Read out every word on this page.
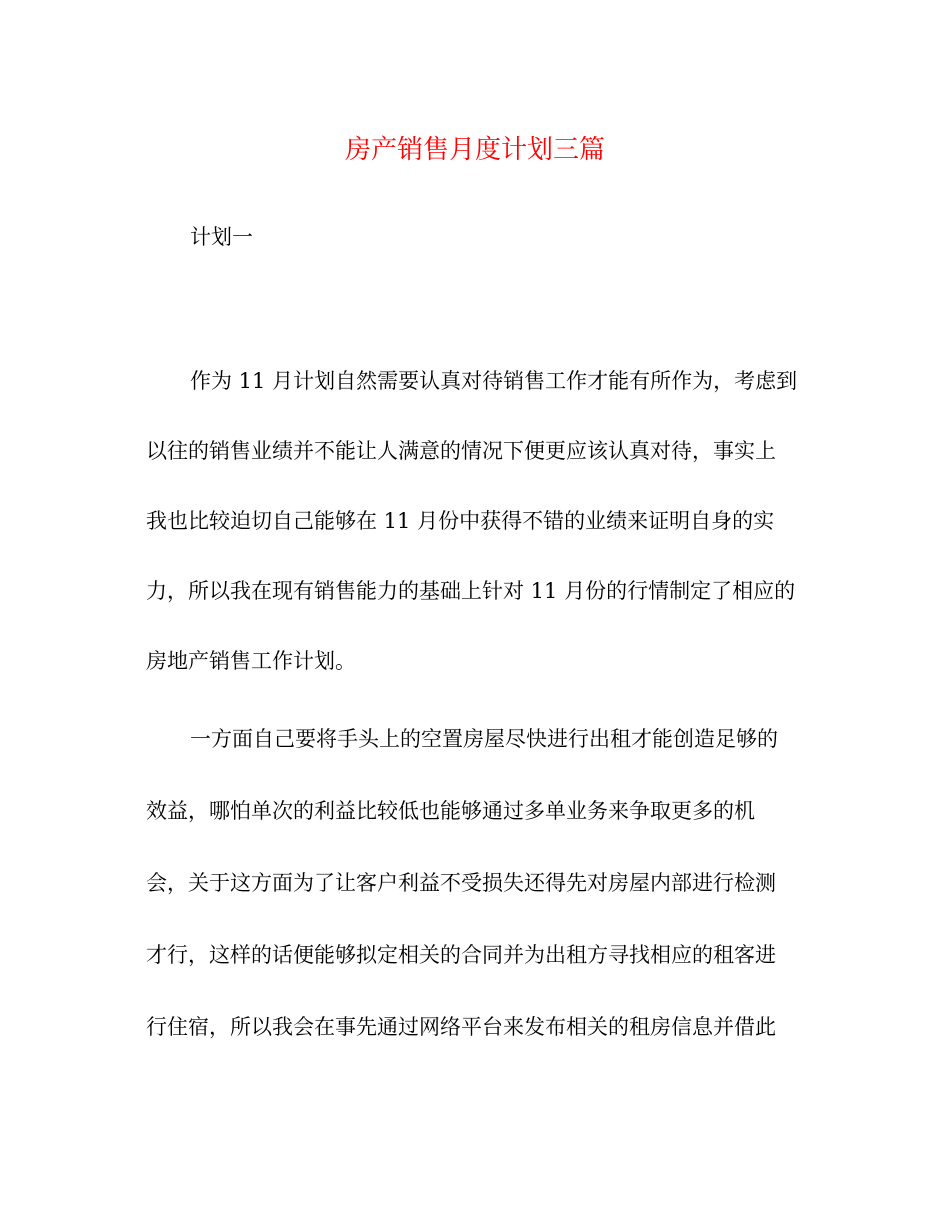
房产销售月度计划三篇
计划一

作为 11 月计划自然需要认真对待销售工作才能有所作为，考虑到

以往的销售业绩并不能让人满意的情况下便更应该认真对待，事实上

我也比较迫切自己能够在 11 月份中获得不错的业绩来证明自身的实

力，所以我在现有销售能力的基础上针对 11 月份的行情制定了相应的

房地产销售工作计划。

一方面自己要将手头上的空置房屋尽快进行出租才能创造足够的

效益，哪怕单次的利益比较低也能够通过多单业务来争取更多的机

会，关于这方面为了让客户利益不受损失还得先对房屋内部进行检测

才行，这样的话便能够拟定相关的合同并为出租方寻找相应的租客进

行住宿，所以我会在事先通过网络平台来发布相关的租房信息并借此
